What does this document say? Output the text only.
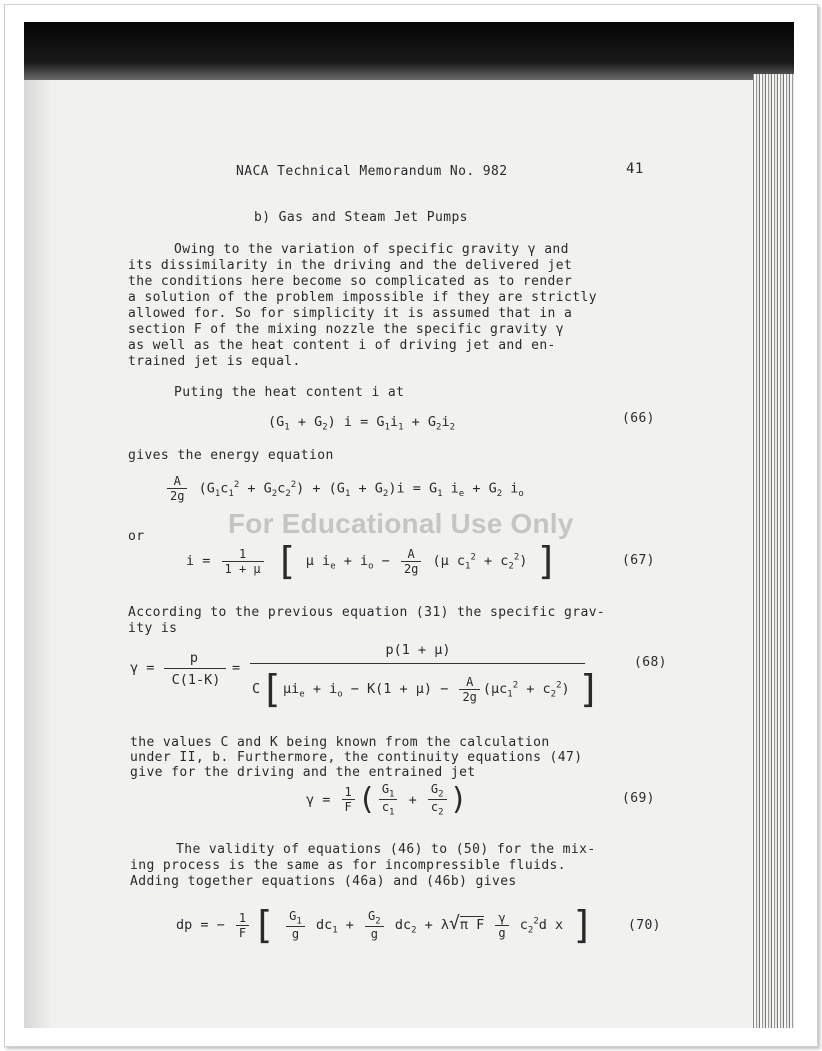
NACA Technical Memorandum No. 982	41
b) Gas and Steam Jet Pumps
Owing to the variation of specific gravity γ and
its dissimilarity in the driving and the delivered jet
the conditions here become so complicated as to render
a solution of the problem impossible if they are strictly
allowed for. So for simplicity it is assumed that in a
section F of the mixing nozzle the specific gravity γ
as well as the heat content i of driving jet and en-
trained jet is equal.
Puting the heat content i at
$(G_1 + G_2) i = G_1i_1 + G_2i_2$
(66)
gives the energy equation
$\frac{A}{2g} (G_1c_1^2 + G_2c_2^2) + (G_1 + G_2)i = G_1$ $i_e + G_2$ $i_o$
or
$i = \frac{1}{1 + \mu}$ [ μ $i_e + i_o - \frac{A}{2g} (\mu$ $c_1^2 + c_2^2$) ]	(67)
According to the previous equation (31) the specific grav-
ity is
γ =
p
C(1-K)
=
p(1 + μ)
$C[\mu i_e + i_o - K(1 + \mu) - \frac{A}{2g} (\mu c_1^2 + c_2^2)$ ]
(68)
the values C and K being known from the calculation
under II, b. Furthermore, the continuity equations (47)
give for the driving and the entrained jet
$\gamma = \frac{1}{F}$ ( $\frac{G_1}{c_1} + \frac{G_2}{c_2}$ )	(69)
The validity of equations (46) to (50) for the mix-
ing process is the same as for incompressible fluids.
Adding together equations (46a) and (46b) gives
dp = − $\frac{1}{F}$ [ $\frac{G_1}{g} dc_1 + \frac{G_2}{g} dc_2 + \lambda√\pi$ F $\frac{\gamma}{g} c_2^2d$ x ]	(70)
For Educational Use Only
